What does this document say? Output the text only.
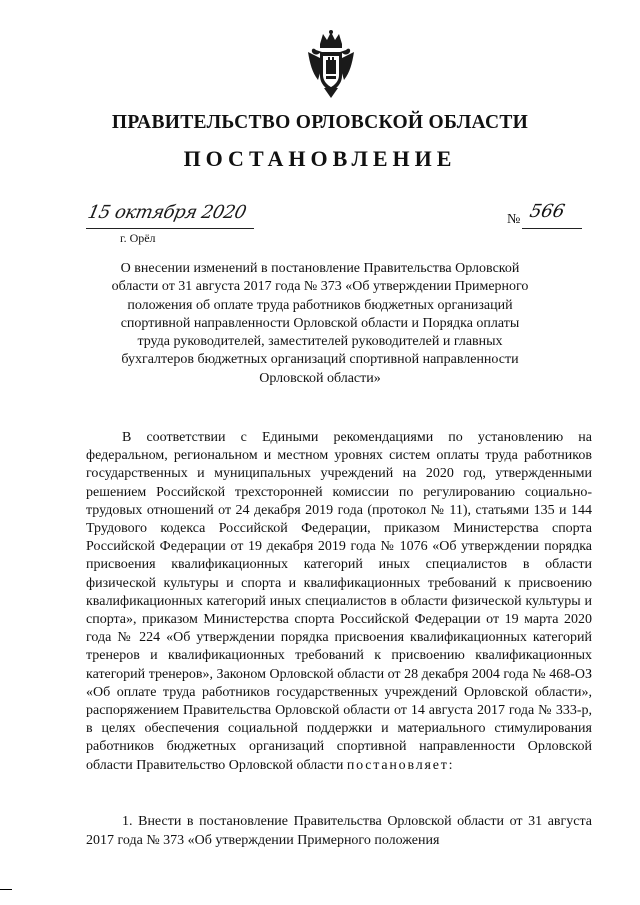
ПРАВИТЕЛЬСТВО ОРЛОВСКОЙ ОБЛАСТИ
ПОСТАНОВЛЕНИЕ
15 октября 2020
г. Орёл
№ 566

О внесении изменений в постановление Правительства Орловской области от 31 августа 2017 года № 373 «Об утверждении Примерного положения об оплате труда работников бюджетных организаций спортивной направленности Орловской области и Порядка оплаты труда руководителей, заместителей руководителей и главных бухгалтеров бюджетных организаций спортивной направленности Орловской области»

В соответствии с Едиными рекомендациями по установлению на федеральном, региональном и местном уровнях систем оплаты труда работников государственных и муниципальных учреждений на 2020 год, утвержденными решением Российской трехсторонней комиссии по регулированию социально-трудовых отношений от 24 декабря 2019 года (протокол № 11), статьями 135 и 144 Трудового кодекса Российской Федерации, приказом Министерства спорта Российской Федерации от 19 декабря 2019 года № 1076 «Об утверждении порядка присвоения квалификационных категорий иных специалистов в области физической культуры и спорта и квалификационных требований к присвоению квалификационных категорий иных специалистов в области физической культуры и спорта», приказом Министерства спорта Российской Федерации от 19 марта 2020 года № 224 «Об утверждении порядка присвоения квалификационных категорий тренеров и квалификационных требований к присвоению квалификационных категорий тренеров», Законом Орловской области от 28 декабря 2004 года № 468-ОЗ «Об оплате труда работников государственных учреждений Орловской области», распоряжением Правительства Орловской области от 14 августа 2017 года № 333-р, в целях обеспечения социальной поддержки и материального стимулирования работников бюджетных организаций спортивной направленности Орловской области Правительство Орловской области постановляет:

1. Внести в постановление Правительства Орловской области от 31 августа 2017 года № 373 «Об утверждении Примерного положения
